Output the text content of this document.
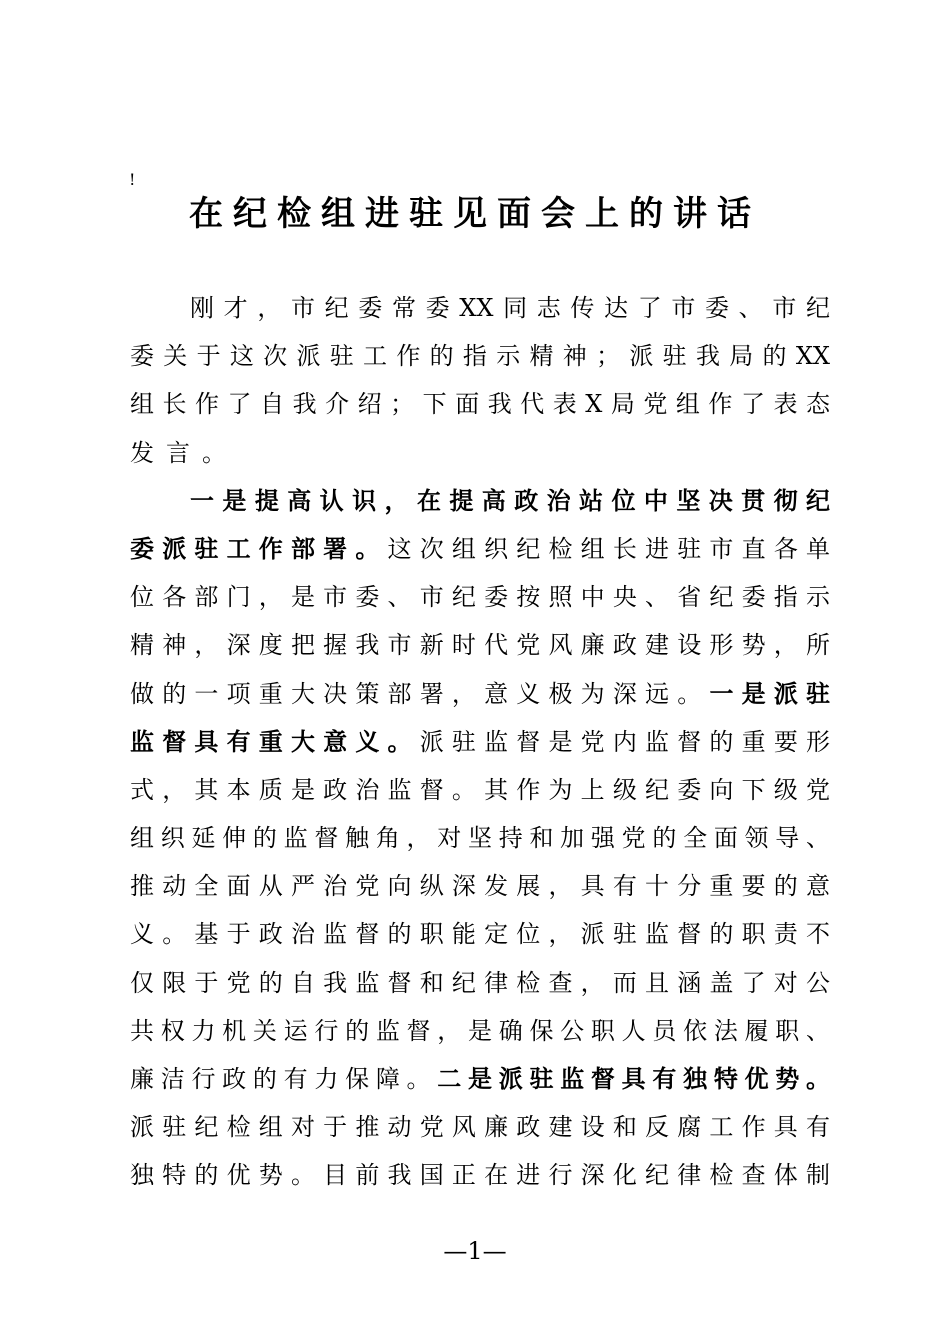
!
在纪检组进驻见面会上的讲话
刚才，市纪委常委XX同志传达了市委、市纪
委关于这次派驻工作的指示精神；派驻我局的XX
组长作了自我介绍；下面我代表X局党组作了表态
发言。
一是提高认识，在提高政治站位中坚决贯彻纪
委派驻工作部署。这次组织纪检组长进驻市直各单
位各部门，是市委、市纪委按照中央、省纪委指示
精神，深度把握我市新时代党风廉政建设形势，所
做的一项重大决策部署，意义极为深远。一是派驻
监督具有重大意义。派驻监督是党内监督的重要形
式，其本质是政治监督。其作为上级纪委向下级党
组织延伸的监督触角，对坚持和加强党的全面领导、
推动全面从严治党向纵深发展，具有十分重要的意
义。基于政治监督的职能定位，派驻监督的职责不
仅限于党的自我监督和纪律检查，而且涵盖了对公
共权力机关运行的监督，是确保公职人员依法履职、
廉洁行政的有力保障。二是派驻监督具有独特优势。
派驻纪检组对于推动党风廉政建设和反腐工作具有
独特的优势。目前我国正在进行深化纪律检查体制
—1—
